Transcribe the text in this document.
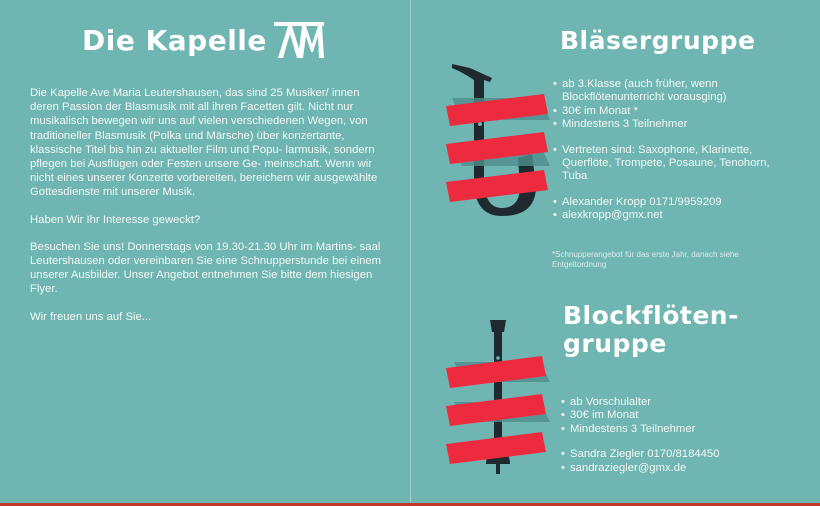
Die Kapelle

Die Kapelle Ave Maria Leutershausen, das sind 25 Musiker/ innen deren Passion der Blasmusik mit all ihren Facetten gilt. Nicht nur musikalisch bewegen wir uns auf vielen verschiedenen Wegen, von traditioneller Blasmusik (Polka und Märsche) über konzertante, klassische Titel bis hin zu aktueller Film und Popu- larmusik, sondern pflegen bei Ausflügen oder Festen unsere Ge- meinschaft. Wenn wir nicht eines unserer Konzerte vorbereiten, bereichern wir ausgewählte Gottesdienste mit unserer Musik.

Haben Wir Ihr Interesse geweckt?

Besuchen Sie uns! Donnerstags von 19.30-21.30 Uhr im Martins- saal Leutershausen oder vereinbaren Sie eine Schnupperstunde bei einem unserer Ausbilder. Unser Angebot entnehmen Sie bitte dem hiesigen Flyer.

Wir freuen uns auf Sie...

Bläsergruppe
• ab 3.Klasse (auch früher, wenn Blockflötenunterricht vorausging)
• 30€ im Monat *
• Mindestens 3 Teilnehmer
• Vertreten sind: Saxophone, Klarinette, Querflöte, Trompete, Posaune, Tenohorn, Tuba
• Alexander Kropp 0171/9959209
• alexkropp@gmx.net
*Schnupperangebot für das erste Jahr, danach siehe Entgeltordnung
Blockflöten-gruppe
• ab Vorschulalter
• 30€ im Monat
• Mindestens 3 Teilnehmer
• Sandra Ziegler 0170/8184450
• sandraziegler@gmx.de
